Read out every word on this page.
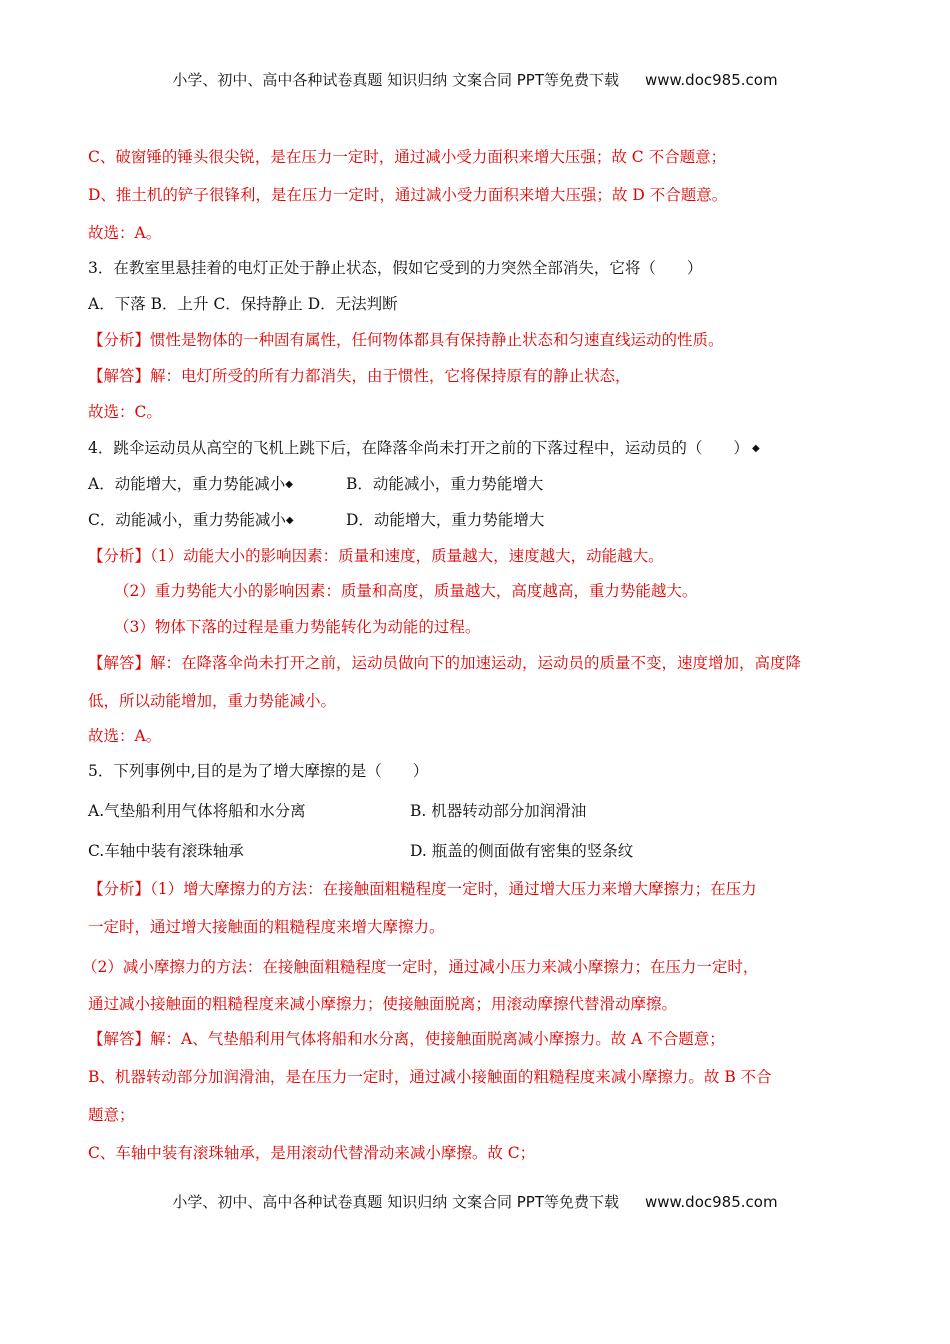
小学、初中、高中各种试卷真题 知识归纳 文案合同 PPT等免费下载 www.doc985.com
C、破窗锤的锤头很尖锐，是在压力一定时，通过减小受力面积来增大压强；故 C 不合题意；
D、推土机的铲子很锋利，是在压力一定时，通过减小受力面积来增大压强；故 D 不合题意。
故选：A。
3．在教室里悬挂着的电灯正处于静止状态，假如它受到的力突然全部消失，它将（　　）
A．下落 B．上升 C．保持静止 D．无法判断
【分析】惯性是物体的一种固有属性，任何物体都具有保持静止状态和匀速直线运动的性质。
【解答】解：电灯所受的所有力都消失，由于惯性，它将保持原有的静止状态，
故选：C。
4．跳伞运动员从高空的飞机上跳下后，在降落伞尚未打开之前的下落过程中，运动员的（　　） ◆
A．动能增大，重力势能减小◆	B．动能减小，重力势能增大
C．动能减小，重力势能减小◆	D．动能增大，重力势能增大
【分析】（1）动能大小的影响因素：质量和速度，质量越大，速度越大，动能越大。
（2）重力势能大小的影响因素：质量和高度，质量越大，高度越高，重力势能越大。
（3）物体下落的过程是重力势能转化为动能的过程。
【解答】解：在降落伞尚未打开之前，运动员做向下的加速运动，运动员的质量不变，速度增加，高度降
低，所以动能增加，重力势能减小。
故选：A。
5．下列事例中,目的是为了增大摩擦的是（　　）
A.气垫船利用气体将船和水分离	B. 机器转动部分加润滑油
C.车轴中装有滚珠轴承	D. 瓶盖的侧面做有密集的竖条纹
【分析】（1）增大摩擦力的方法：在接触面粗糙程度一定时，通过增大压力来增大摩擦力；在压力
一定时，通过增大接触面的粗糙程度来增大摩擦力。
（2）减小摩擦力的方法：在接触面粗糙程度一定时，通过减小压力来减小摩擦力；在压力一定时，
通过减小接触面的粗糙程度来减小摩擦力；使接触面脱离；用滚动摩擦代替滑动摩擦。
【解答】解：A、气垫船利用气体将船和水分离，使接触面脱离减小摩擦力。故 A 不合题意；
B、机器转动部分加润滑油，是在压力一定时，通过减小接触面的粗糙程度来减小摩擦力。故 B 不合
题意；
C、车轴中装有滚珠轴承，是用滚动代替滑动来减小摩擦。故 C；
小学、初中、高中各种试卷真题 知识归纳 文案合同 PPT等免费下载 www.doc985.com
